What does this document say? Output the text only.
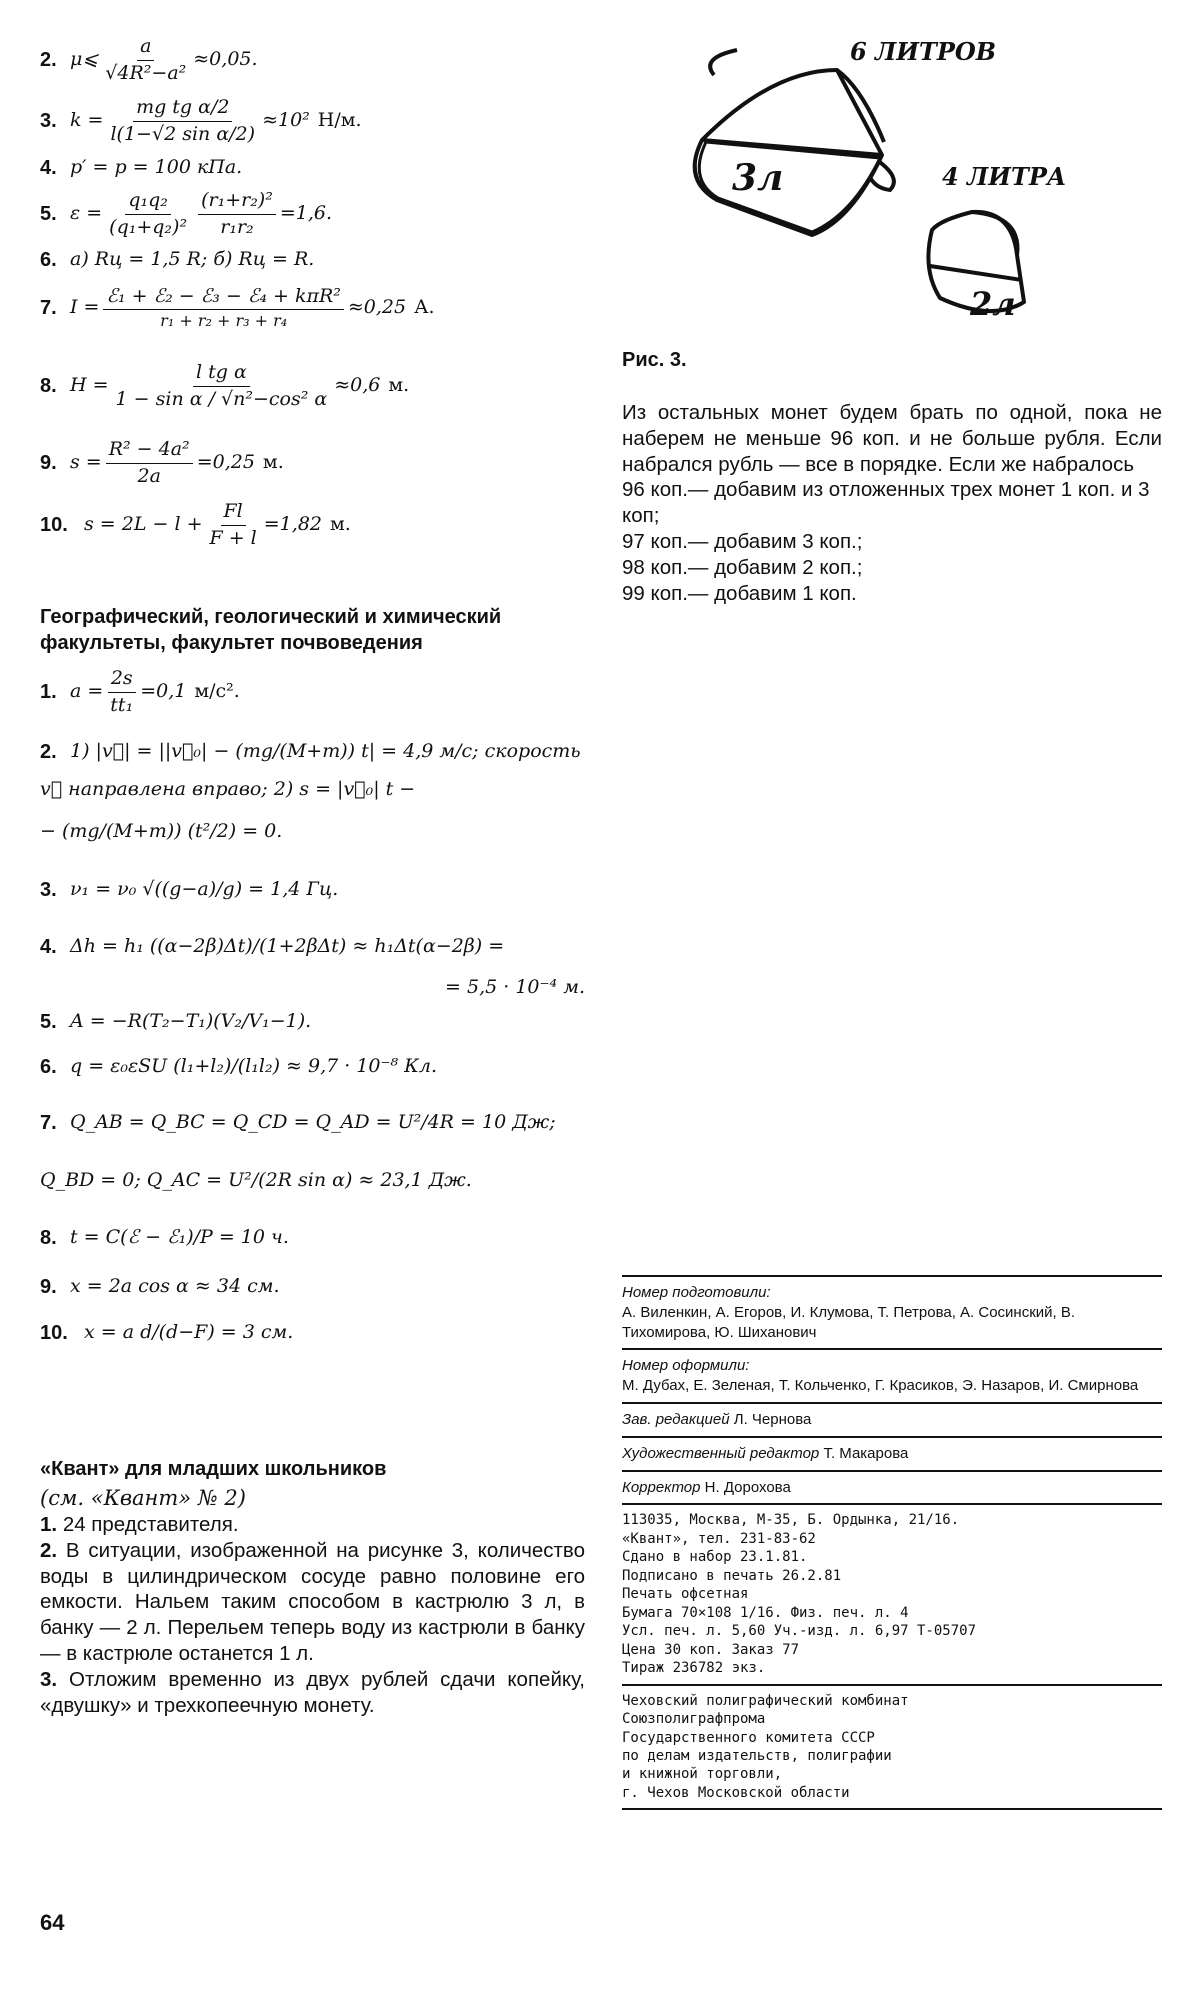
2. μ⩽ $\frac{a}{\text{√4R²−a²}} \approx 0,05$.
3. $k = \frac{\text{mg tg α/2}}{\text{l(1−√2 sin α/2)}} \approx 10^2$ Н/м.
4. p′ = p = 100 кПа.
5. $\varepsilon = \frac{\text{q₁q₂}}{\text{(q₁+q₂)²}} \frac{\text{(r₁+r₂)²}}{\text{r₁r₂}} =1,6$.
6. а) Rц = 1,5 R; б) Rц = R.
7. $I = \frac{\text{ℰ₁ + ℰ₂ − ℰ₃ − ℰ₄ + kπR²}}{\text{r₁ + r₂ + r₃ + r₄}} \approx 0,25$ А.
8. $H = \frac{\text{l tg α}}{\text{1 − sin α / √n²−cos² α}} \approx 0,6$ м.
9. $s = \frac{\text{R² − 4a²}}{2a} =0,25$ м.
10. $s = 2L - l + \frac{Fl}{F + l} =1,82$ м.

Географический, геологический и химический факультеты, факультет почвоведения

1. $a = \frac{2s}{\text{tt₁}} =0,1$ м/с².
2. 1) |v⃗| = ||v⃗₀| − (mg/(M+m)) t| = 4,9 м/с; скорость
v⃗ направлена вправо; 2) s = |v⃗₀| t −
− (mg/(M+m)) (t²/2) = 0.
3. ν₁ = ν₀ √((g−a)/g) = 1,4 Гц.
4. Δh = h₁ ((α−2β)Δt)/(1+2βΔt) ≈ h₁Δt(α−2β) =
= 5,5 · 10⁻⁴ м.
5. A = −R(T₂−T₁)(V₂/V₁−1).
6. q = ε₀εSU (l₁+l₂)/(l₁l₂) ≈ 9,7 · 10⁻⁸ Кл.
7. Q_AB = Q_BC = Q_CD = Q_AD = U²/4R = 10 Дж;
Q_BD = 0; Q_AC = U²/(2R sin α) ≈ 23,1 Дж.
8. t = C(ℰ − ℰ₁)/P = 10 ч.
9. x = 2a cos α ≈ 34 см.
10. x = a d/(d−F) = 3 см.

«Квант» для младших школьников

(см. «Квант» № 2)

1. 24 представителя.

2. В ситуации, изображенной на рисунке 3, количество воды в цилиндрическом сосуде равно половине его емкости. Нальем таким способом в кастрюлю 3 л, в банку — 2 л. Перельем теперь воду из кастрюли в банку — в кастрюле останется 1 л.

3. Отложим временно из двух рублей сдачи копейку, «двушку» и трехкопеечную монету.

3л
2л
6 ЛИТРОВ
4 ЛИТРА
Рис. 3.

Из остальных монет будем брать по одной, пока не наберем не меньше 96 коп. и не больше рубля. Если набрался рубль — все в порядке. Если же набралось

96 коп.— добавим из отложенных трех монет 1 коп. и 3 коп;
97 коп.— добавим 3 коп.;
98 коп.— добавим 2 коп.;
99 коп.— добавим 1 коп.
Номер подготовили:
А. Виленкин, А. Егоров, И. Клумова, Т. Петрова, А. Сосинский, В. Тихомирова, Ю. Шиханович
Номер оформили:
М. Дубах, Е. Зеленая, Т. Кольченко, Г. Красиков, Э. Назаров, И. Смирнова
Зав. редакцией Л. Чернова
Художественный редактор Т. Макарова
Корректор Н. Дорохова
113035, Москва, М-35, Б. Ордынка, 21/16.
«Квант», тел. 231-83-62
Сдано в набор 23.1.81.
Подписано в печать 26.2.81
Печать офсетная
Бумага 70×108 1/16. Физ. печ. л. 4
Усл. печ. л. 5,60 Уч.-изд. л. 6,97 Т-05707
Цена 30 коп. Заказ 77
Тираж 236782 экз.
Чеховский полиграфический комбинат
Союзполиграфпрома
Государственного комитета СССР
по делам издательств, полиграфии
и книжной торговли,
г. Чехов Московской области
64
